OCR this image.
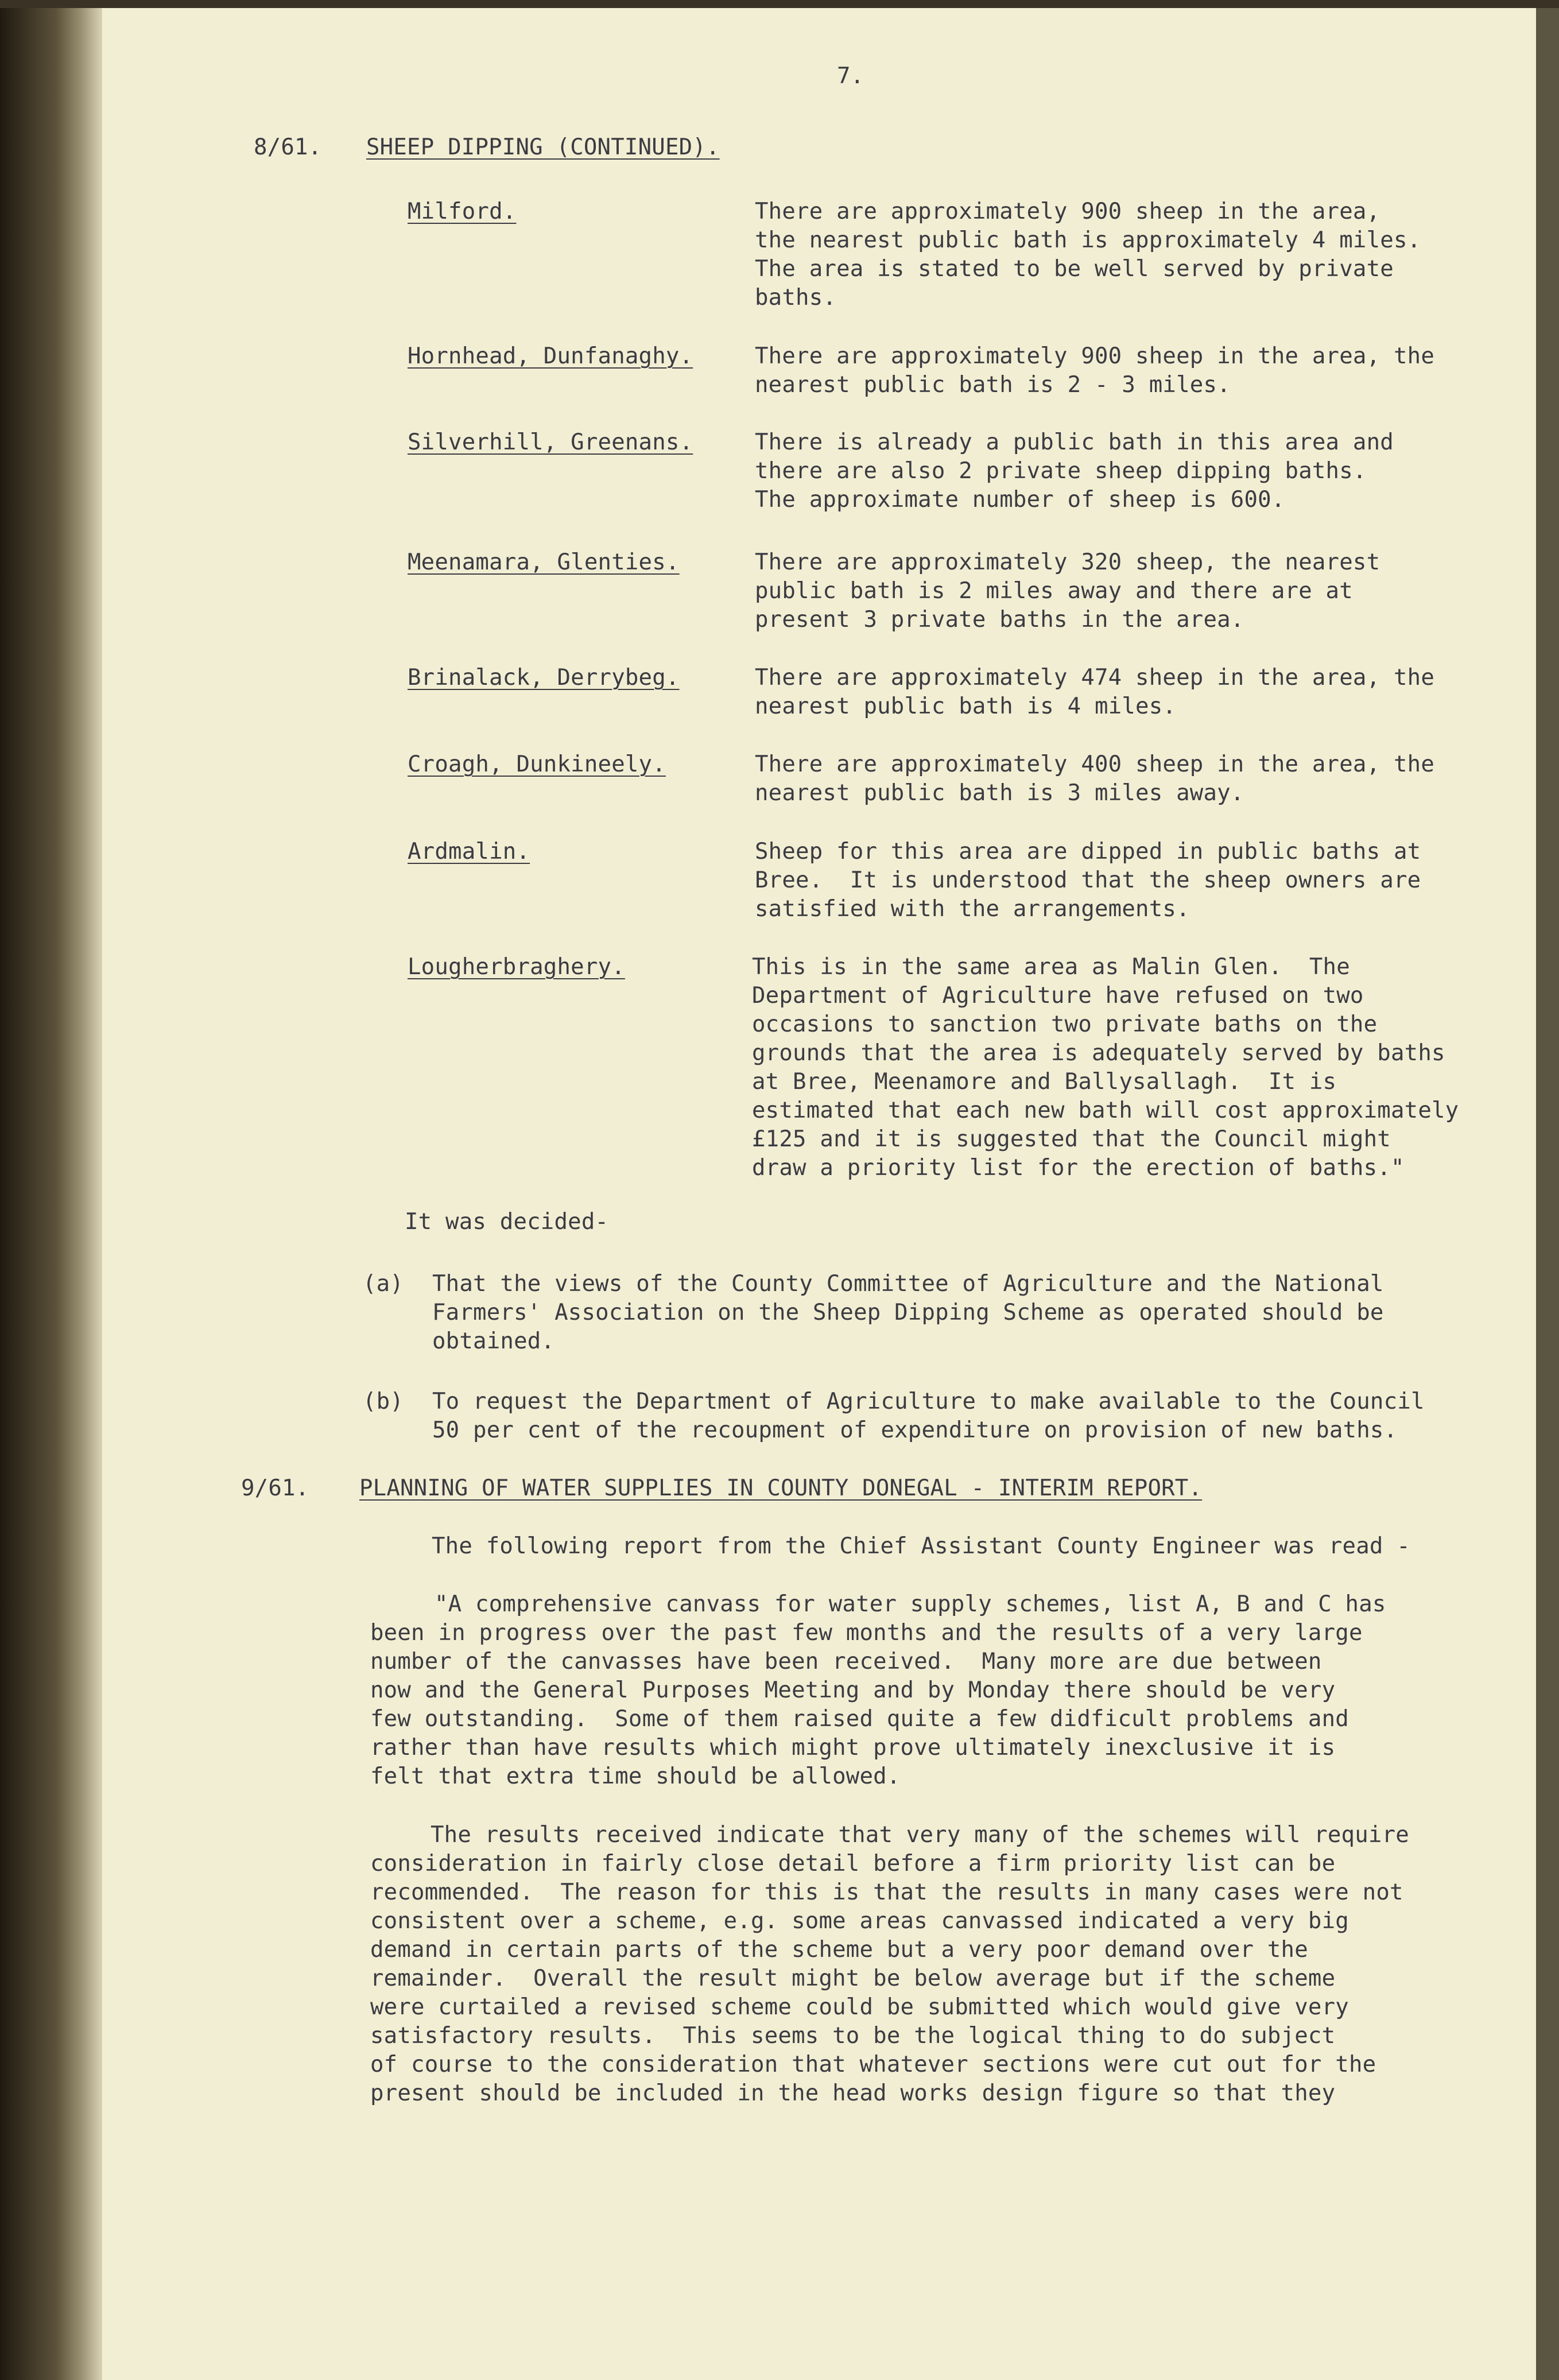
7.

8/61. SHEEP DIPPING (CONTINUED).

Milford.	There are approximately 900 sheep in the area,

the nearest public bath is approximately 4 miles.

The area is stated to be well served by private

baths.

Hornhead, Dunfanaghy.	There are approximately 900 sheep in the area, the

nearest public bath is 2 - 3 miles.

Silverhill, Greenans.	There is already a public bath in this area and

there are also 2 private sheep dipping baths.

The approximate number of sheep is 600.

Meenamara, Glenties.	There are approximately 320 sheep, the nearest

public bath is 2 miles away and there are at

present 3 private baths in the area.

Brinalack, Derrybeg.	There are approximately 474 sheep in the area, the

nearest public bath is 4 miles.

Croagh, Dunkineely.	There are approximately 400 sheep in the area, the

nearest public bath is 3 miles away.

Ardmalin.	Sheep for this area are dipped in public baths at

Bree.  It is understood that the sheep owners are

satisfied with the arrangements.

Lougherbraghery.	This is in the same area as Malin Glen.  The

Department of Agriculture have refused on two

occasions to sanction two private baths on the

grounds that the area is adequately served by baths

at Bree, Meenamore and Ballysallagh.  It is

estimated that each new bath will cost approximately

£125 and it is suggested that the Council might

draw a priority list for the erection of baths."

It was decided-

(a) That the views of the County Committee of Agriculture and the National

Farmers' Association on the Sheep Dipping Scheme as operated should be

obtained.

(b) To request the Department of Agriculture to make available to the Council

50 per cent of the recoupment of expenditure on provision of new baths.

9/61. PLANNING OF WATER SUPPLIES IN COUNTY DONEGAL - INTERIM REPORT.

The following report from the Chief Assistant County Engineer was read -

"A comprehensive canvass for water supply schemes, list A, B and C has

been in progress over the past few months and the results of a very large

number of the canvasses have been received.  Many more are due between

now and the General Purposes Meeting and by Monday there should be very

few outstanding.  Some of them raised quite a few didficult problems and

rather than have results which might prove ultimately inexclusive it is

felt that extra time should be allowed.

The results received indicate that very many of the schemes will require

consideration in fairly close detail before a firm priority list can be

recommended.  The reason for this is that the results in many cases were not

consistent over a scheme, e.g. some areas canvassed indicated a very big

demand in certain parts of the scheme but a very poor demand over the

remainder.  Overall the result might be below average but if the scheme

were curtailed a revised scheme could be submitted which would give very

satisfactory results.  This seems to be the logical thing to do subject

of course to the consideration that whatever sections were cut out for the

present should be included in the head works design figure so that they
